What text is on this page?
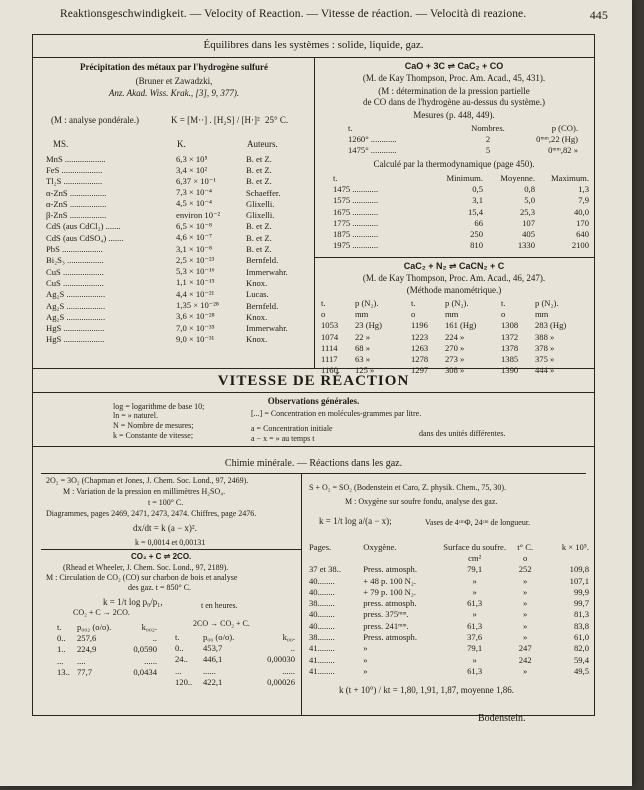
Reaktionsgeschwindigkeit. — Velocity of Reaction. — Vitesse de réaction. — Velocità di reazione.	445
Équilibres dans les systèmes : solide, liquide, gaz.
Précipitation des métaux par l'hydrogène sulfuré
(Bruner et Zawadzki,
Anz. Akad. Wiss. Krak., [3], 9, 377).
(M : analyse pondérale.)	K = [M··] . [H₂S] / [H·]² 25° C.
MS.	K.	Auteurs.
MnS ...................	6,3 × 10⁵	B. et Z.
FeS ...................	3,4 × 10²	B. et Z.
Tl₂S ..................	6,37 × 10⁻¹	B. et Z.
α-ZnS .................	7,3 × 10⁻⁴	Schaeffer.
α-ZnS .................	4,5 × 10⁻⁴	Glixelli.
β-ZnS .................	environ 10⁻²	Glixelli.
CdS (aus CdCl₂) .......	6,5 × 10⁻⁸	B. et Z.
CdS (aus CdSO₄) .......	4,6 × 10⁻⁷	B. et Z.
PbS ...................	3,1 × 10⁻⁸	B. et Z.
Bi₂S₃ .................	2,5 × 10⁻²³	Bernfeld.
CuS ...................	5,3 × 10⁻¹⁶	Immerwahr.
CuS ...................	1,1 × 10⁻¹⁵	Knox.
Ag₂S ..................	4,4 × 10⁻²¹	Lucas.
Ag₂S ..................	1,35 × 10⁻²⁸	Bernfeld.
Ag₂S ..................	3,6 × 10⁻²⁸	Knox.
HgS ...................	7,0 × 10⁻³⁵	Immerwahr.
HgS ...................	9,0 × 10⁻³¹	Knox.
CaO + 3C ⇌ CaC₂ + CO
(M. de Kay Thompson, Proc. Am. Acad., 45, 431).
(M : détermination de la pression partielle
de CO dans de l'hydrogène au-dessus du système.)
Mesures (p. 448, 449).
t.	Nombres.	p (CO).
1260° ............	2	0ᵐᵐ,22 (Hg)
1475° ............	5	0ᵐᵐ,82 »
Calculé par la thermodynamique (page 450).
t.	Minimum.	Moyenne.	Maximum.
1475 ............	0,5	0,8	1,3
1575 ............	3,1	5,0	7,9
1675 ............	15,4	25,3	40,0
1775 ............	66	107	170
1875 ............	250	405	640
1975 ............	810	1330	2100
CaC₂ + N₂ ⇌ CaCN₂ + C
(M. de Kay Thompson, Proc. Am. Acad., 46, 247).
(Méthode manométrique.)
t.	p (N₂).	t.	p (N₂).	t.	p (N₂).
o	mm	o	mm	o	mm
1053	23 (Hg)	1196	161 (Hg)	1308	283 (Hg)
1074	22 »	1223	224 »	1372	388 »
1114	68 »	1263	270 »	1378	378 »
1117	63 »	1278	273 »	1385	375 »
1160	125 »	1297	308 »	1390	444 »
VITESSE DE RÉACTION
Observations générales.
log = logarithme de base 10;
ln = » naturel.
N = Nombre de mesures;
k = Constante de vitesse;
[...] = Concentration en molécules-grammes par litre.
a = Concentration initiale
a − x = » au temps t
dans des unités différentes.
Chimie minérale. — Réactions dans les gaz.
2O₂ = 3O₂ (Chapman et Jones, J. Chem. Soc. Lond., 97, 2469).
M : Variation de la pression en millimètres H₂SO₄.
t = 100° C.
Diagrammes, pages 2469, 2471, 2473, 2474. Chiffres, page 2476.
dx/dt = k (a − x)².
k = 0,0014 et 0,00131
CO₂ + C ⇌ 2CO.
(Rhead et Wheeler, J. Chem. Soc. Lond., 97, 2189).
M : Circulation de CO₂ (CO) sur charbon de bois et analyse
des gaz. t = 850° C.
k = 1/t log p₀/p₁,	t en heures.
CO₂ + C → 2CO.
2CO → CO₂ + C.
t.	p₀₀₂ (o/o).	k₀₀₂.
0..	257,6	..
1..	224,9	0,0590
...	....	......
13..	77,7	0,0434
t.	p₀₀ (o/o).	k₀₀.
0..	453,7	..
24..	446,1	0,00030
...	......	......
120..	422,1	0,00026
S + O₂ = SO₂ (Bodenstein et Caro, Z. physik. Chem., 75, 30).
M : Oxygène sur soufre fondu, analyse des gaz.
k = 1/t log a/(a − x);	Vases de 4ᶜᵐΦ, 24ᶜᵐ de longueur.
Pages.	Oxygène.	Surface du soufre.	t° C.	k × 10⁵.
		cm²	o	
37 et 38..	Press. atmosph.	79,1	252	109,8
40........	+ 48 p. 100 N₂.	»	»	107,1
40........	+ 79 p. 100 N₂.	»	»	99,9
38........	press. atmosph.	61,3	»	99,7
40........	press. 375ᵐᵐ.	»	»	81,3
40........	press. 241ᵐᵐ.	61,3	»	83,8
38........	Press. atmosph.	37,6	»	61,0
41........	»	79,1	247	82,0
41........	»	»	242	59,4
41........	»	61,3	»	49,5
k (t + 10°) / kt = 1,80, 1,91, 1,87, moyenne 1,86.
Bodenstein.
